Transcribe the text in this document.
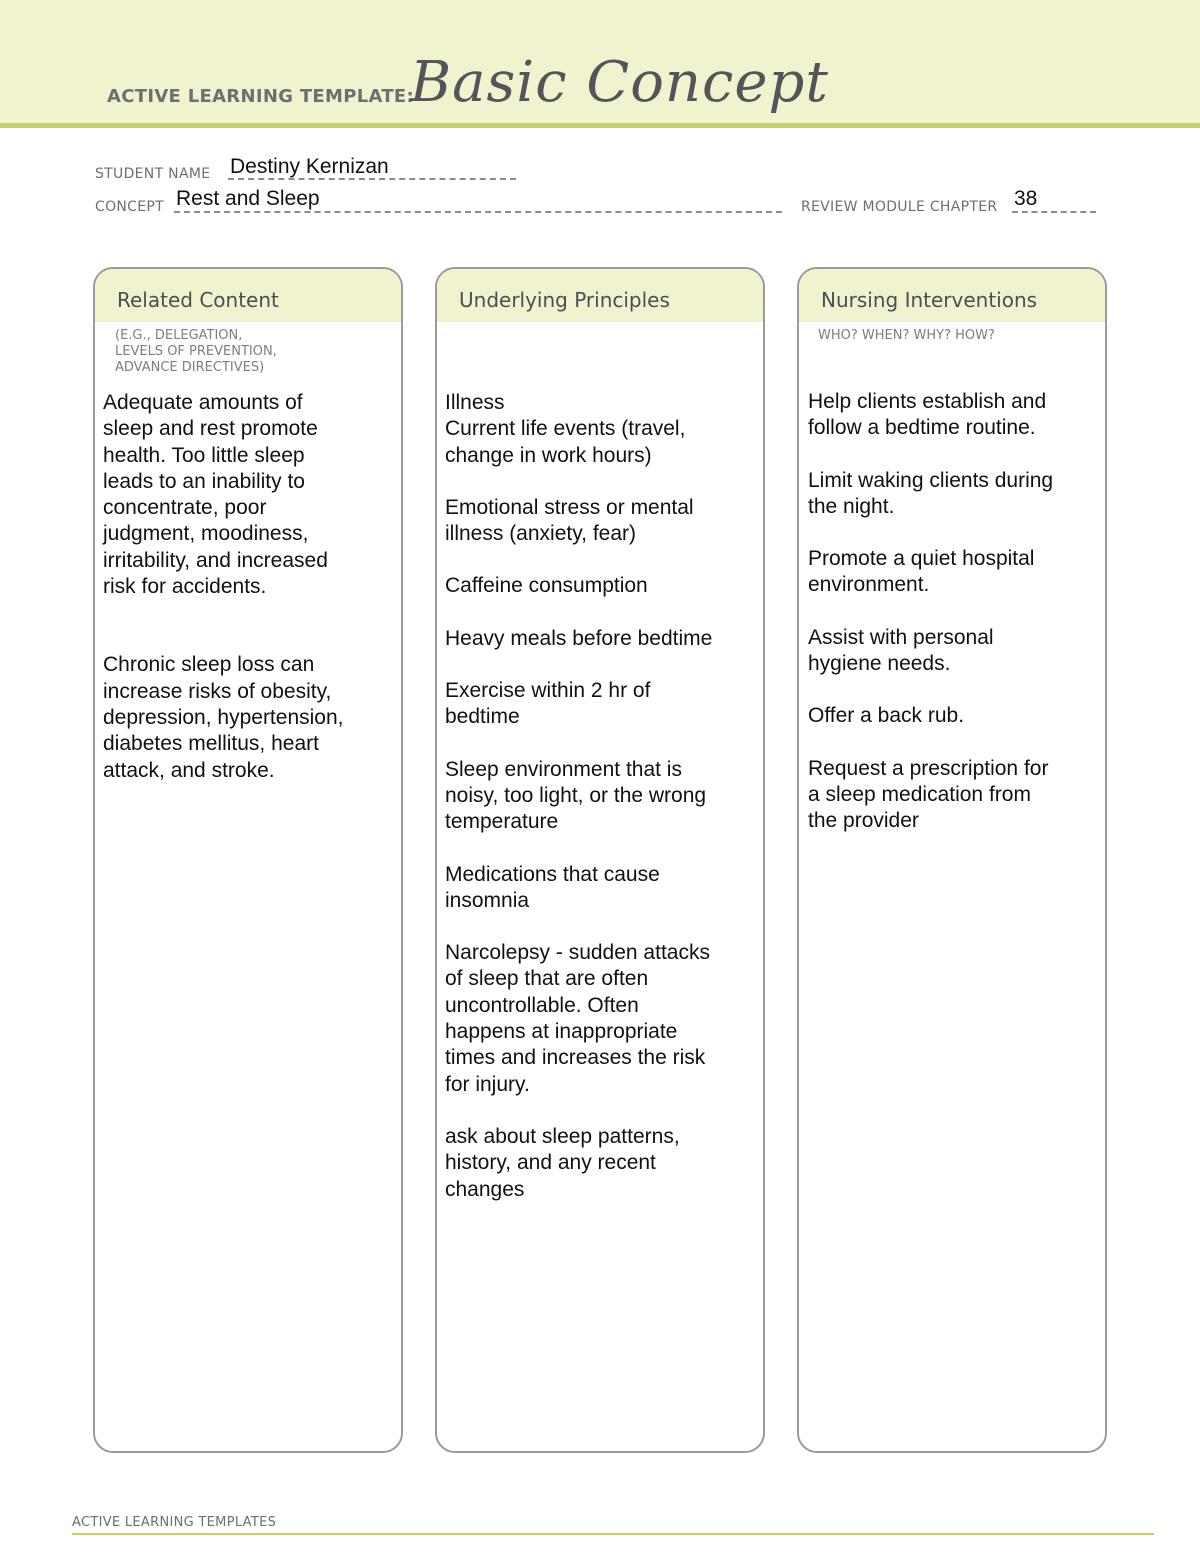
ACTIVE LEARNING TEMPLATE:
Basic Concept
STUDENT NAME Destiny Kernizan
CONCEPT Rest and Sleep	REVIEW MODULE CHAPTER 38
Related Content
(E.G., DELEGATION,
LEVELS OF PREVENTION,
ADVANCE DIRECTIVES)

Adequate amounts of
sleep and rest promote
health. Too little sleep
leads to an inability to
concentrate, poor
judgment, moodiness,
irritability, and increased
risk for accidents.

Chronic sleep loss can
increase risks of obesity,
depression, hypertension,
diabetes mellitus, heart
attack, and stroke.

Underlying Principles

Illness
Current life events (travel,
change in work hours)

Emotional stress or mental
illness (anxiety, fear)

Caffeine consumption

Heavy meals before bedtime

Exercise within 2 hr of
bedtime

Sleep environment that is
noisy, too light, or the wrong
temperature

Medications that cause
insomnia

Narcolepsy - sudden attacks
of sleep that are often
uncontrollable. Often
happens at inappropriate
times and increases the risk
for injury.

ask about sleep patterns,
history, and any recent
changes

Nursing Interventions
WHO? WHEN? WHY? HOW?

Help clients establish and
follow a bedtime routine.

Limit waking clients during
the night.

Promote a quiet hospital
environment.

Assist with personal
hygiene needs.

Offer a back rub.

Request a prescription for
a sleep medication from
the provider

ACTIVE LEARNING TEMPLATES
